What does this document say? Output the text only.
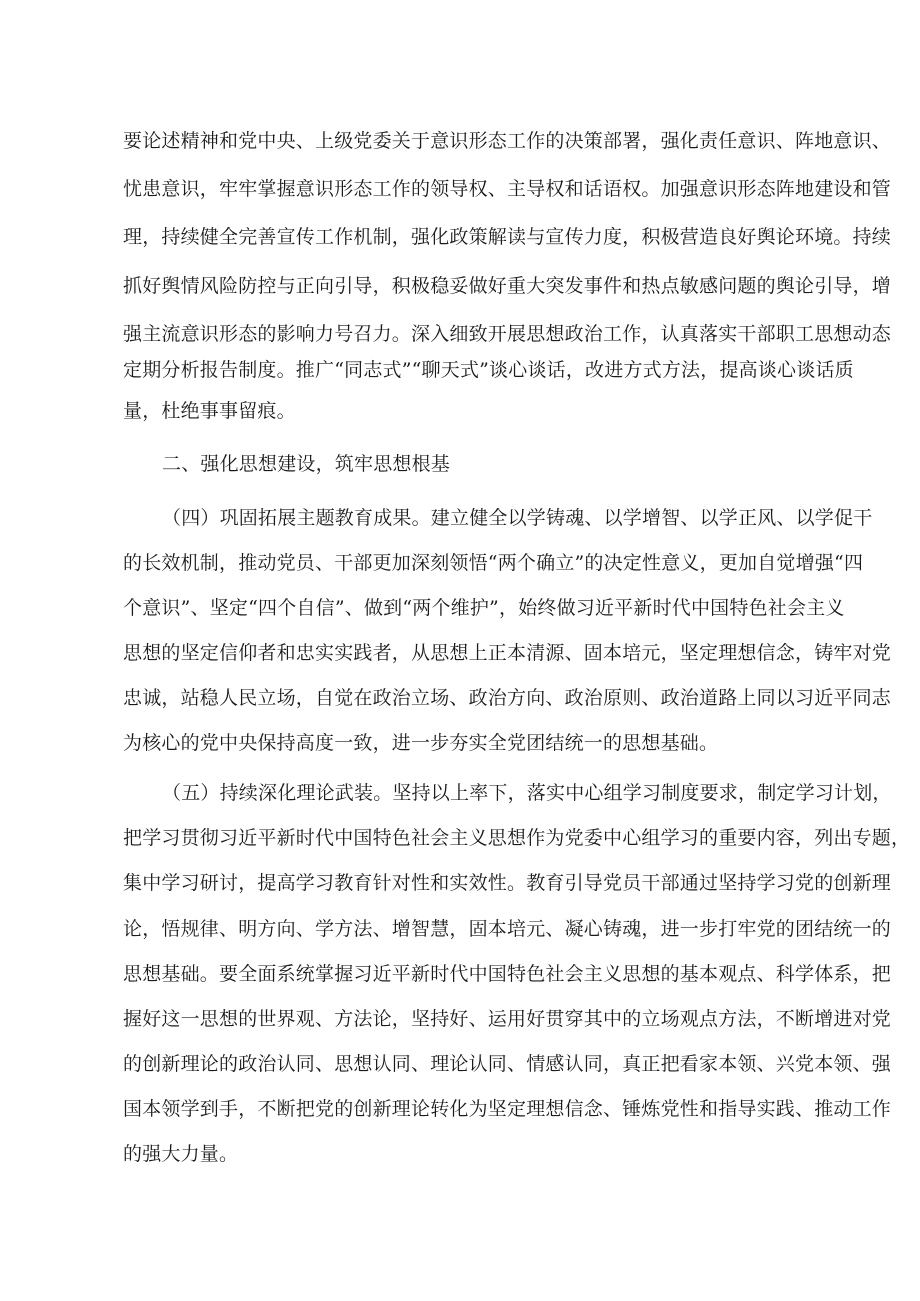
要论述精神和党中央、上级党委关于意识形态工作的决策部署，强化责任意识、阵地意识、
忧患意识，牢牢掌握意识形态工作的领导权、主导权和话语权。加强意识形态阵地建设和管
理，持续健全完善宣传工作机制，强化政策解读与宣传力度，积极营造良好舆论环境。持续
抓好舆情风险防控与正向引导，积极稳妥做好重大突发事件和热点敏感问题的舆论引导，增
强主流意识形态的影响力号召力。深入细致开展思想政治工作，认真落实干部职工思想动态
定期分析报告制度。推广“同志式”“聊天式”谈心谈话，改进方式方法，提高谈心谈话质
量，杜绝事事留痕。
二、强化思想建设，筑牢思想根基
（四）巩固拓展主题教育成果。建立健全以学铸魂、以学增智、以学正风、以学促干
的长效机制，推动党员、干部更加深刻领悟“两个确立”的决定性意义，更加自觉增强“四
个意识”、坚定“四个自信”、做到“两个维护”，始终做习近平新时代中国特色社会主义
思想的坚定信仰者和忠实实践者，从思想上正本清源、固本培元，坚定理想信念，铸牢对党
忠诚，站稳人民立场，自觉在政治立场、政治方向、政治原则、政治道路上同以习近平同志
为核心的党中央保持高度一致，进一步夯实全党团结统一的思想基础。
（五）持续深化理论武装。坚持以上率下，落实中心组学习制度要求，制定学习计划，
把学习贯彻习近平新时代中国特色社会主义思想作为党委中心组学习的重要内容，列出专题，
集中学习研讨，提高学习教育针对性和实效性。教育引导党员干部通过坚持学习党的创新理
论，悟规律、明方向、学方法、增智慧，固本培元、凝心铸魂，进一步打牢党的团结统一的
思想基础。要全面系统掌握习近平新时代中国特色社会主义思想的基本观点、科学体系，把
握好这一思想的世界观、方法论，坚持好、运用好贯穿其中的立场观点方法，不断增进对党
的创新理论的政治认同、思想认同、理论认同、情感认同，真正把看家本领、兴党本领、强
国本领学到手，不断把党的创新理论转化为坚定理想信念、锤炼党性和指导实践、推动工作
的强大力量。
